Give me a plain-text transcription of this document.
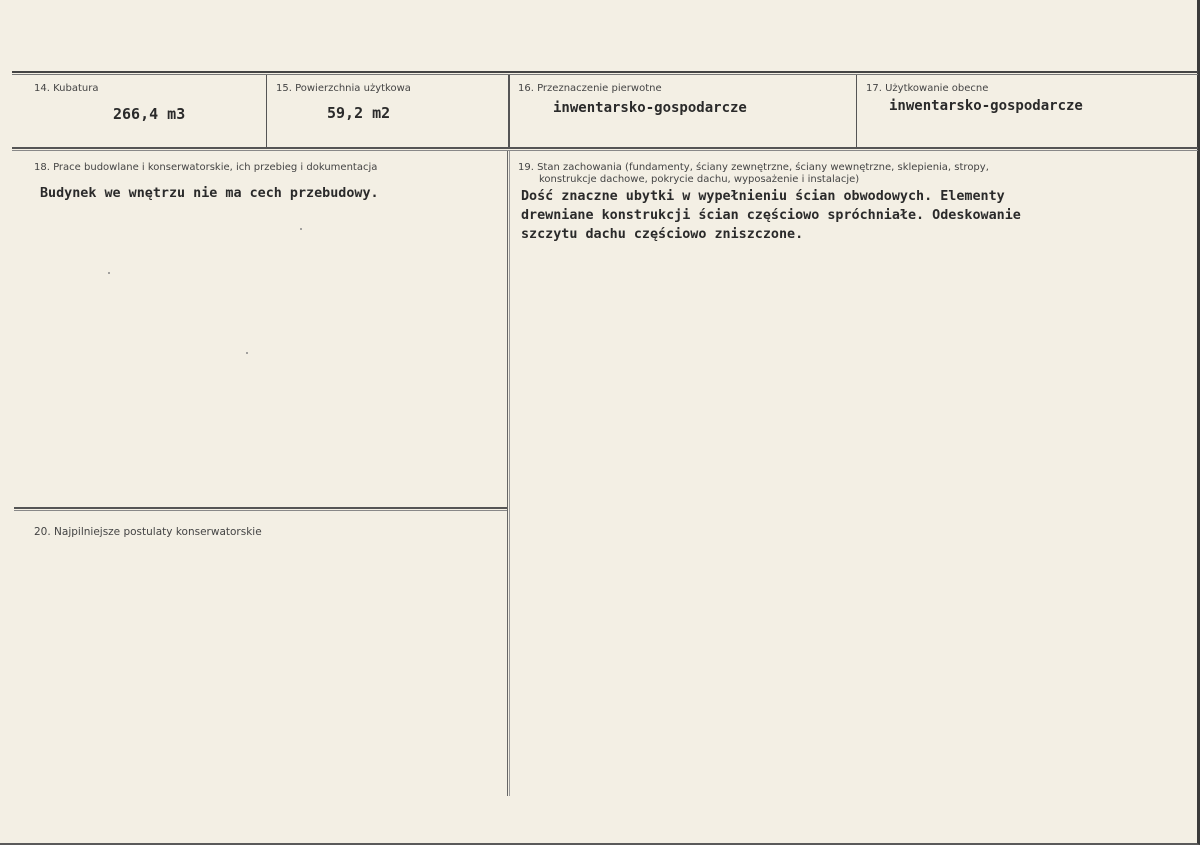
14. Kubatura
266,4 m3
15. Powierzchnia użytkowa
59,2 m2
16. Przeznaczenie pierwotne
inwentarsko-gospodarcze
17. Użytkowanie obecne
inwentarsko-gospodarcze
18. Prace budowlane i konserwatorskie, ich przebieg i dokumentacja
Budynek we wnętrzu nie ma cech przebudowy.
19. Stan zachowania (fundamenty, ściany zewnętrzne, ściany wewnętrzne, sklepienia, stropy,
konstrukcje dachowe, pokrycie dachu, wyposażenie i instalacje)
Dość znaczne ubytki w wypełnieniu ścian obwodowych. Elementy
drewniane konstrukcji ścian częściowo spróchniałe. Odeskowanie
szczytu dachu częściowo zniszczone.
20. Najpilniejsze postulaty konserwatorskie
